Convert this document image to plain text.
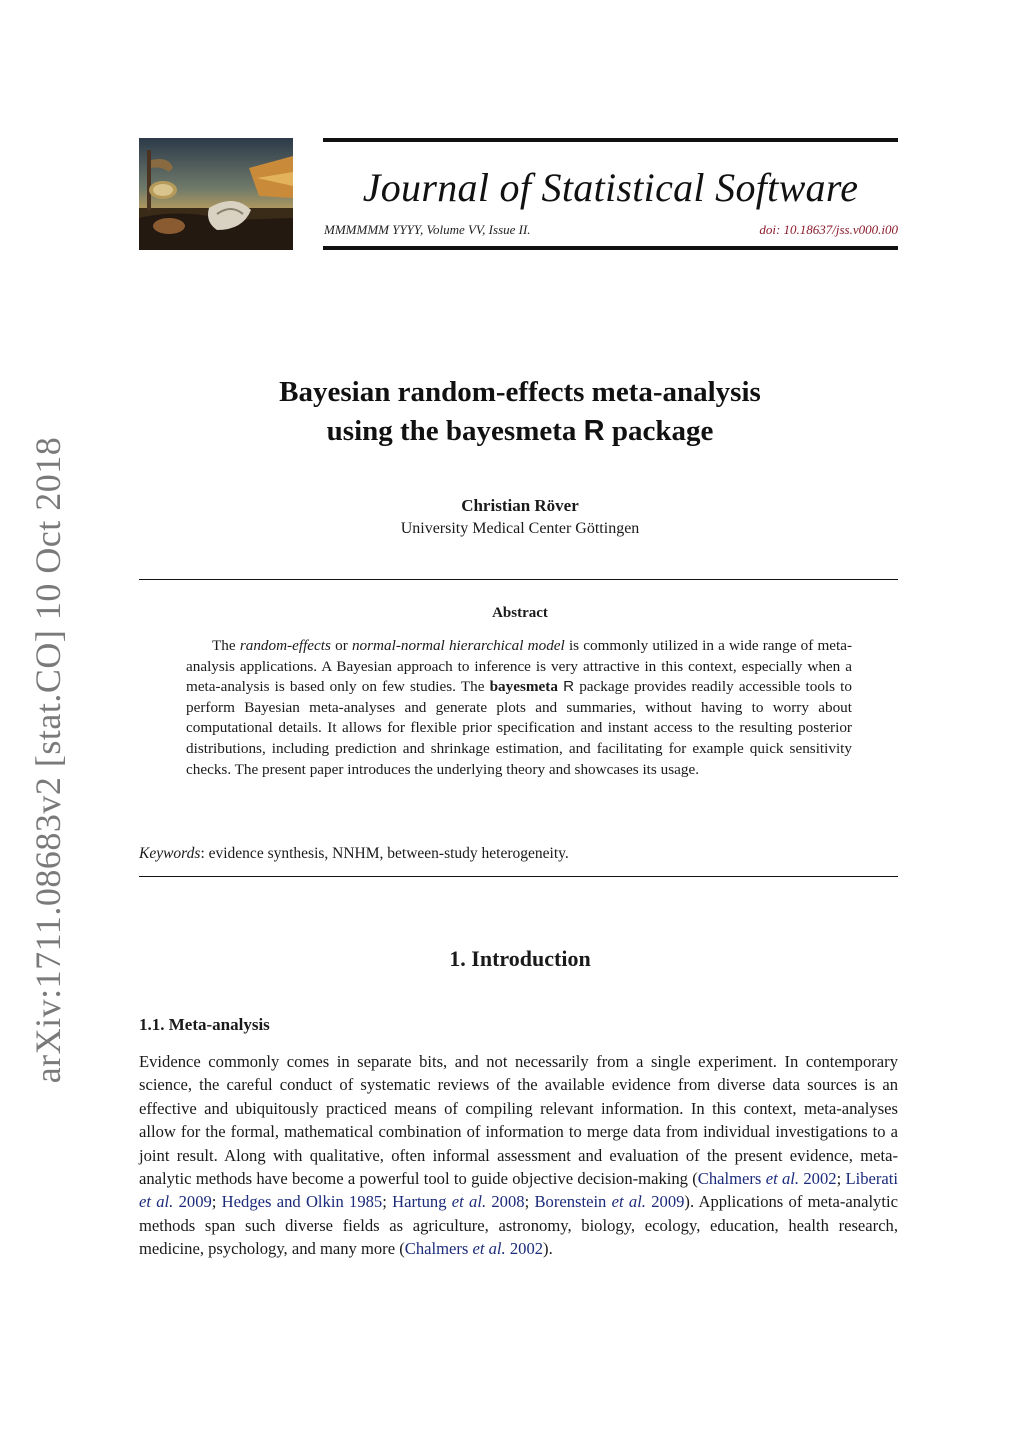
arXiv:1711.08683v2 [stat.CO] 10 Oct 2018
Journal of Statistical Software
MMMMMM YYYY, Volume VV, Issue II.	doi: 10.18637/jss.v000.i00
Bayesian random-effects meta-analysis
using the bayesmeta R package
Christian Röver
University Medical Center Göttingen
Abstract
The random-effects or normal-normal hierarchical model is commonly utilized in a wide range of meta-analysis applications. A Bayesian approach to inference is very attractive in this context, especially when a meta-analysis is based only on few studies. The bayesmeta R package provides readily accessible tools to perform Bayesian meta-analyses and generate plots and summaries, without having to worry about computational details. It allows for flexible prior specification and instant access to the resulting posterior distributions, including prediction and shrinkage estimation, and facilitating for example quick sensitivity checks. The present paper introduces the underlying theory and showcases its usage.
Keywords: evidence synthesis, NNHM, between-study heterogeneity.
1. Introduction
1.1. Meta-analysis
Evidence commonly comes in separate bits, and not necessarily from a single experiment. In contemporary science, the careful conduct of systematic reviews of the available evidence from diverse data sources is an effective and ubiquitously practiced means of compiling relevant information. In this context, meta-analyses allow for the formal, mathematical combination of information to merge data from individual investigations to a joint result. Along with qualitative, often informal assessment and evaluation of the present evidence, meta-analytic methods have become a powerful tool to guide objective decision-making (Chalmers et al. 2002; Liberati et al. 2009; Hedges and Olkin 1985; Hartung et al. 2008; Borenstein et al. 2009). Applications of meta-analytic methods span such diverse fields as agriculture, astronomy, biology, ecology, education, health research, medicine, psychology, and many more (Chalmers et al. 2002).
